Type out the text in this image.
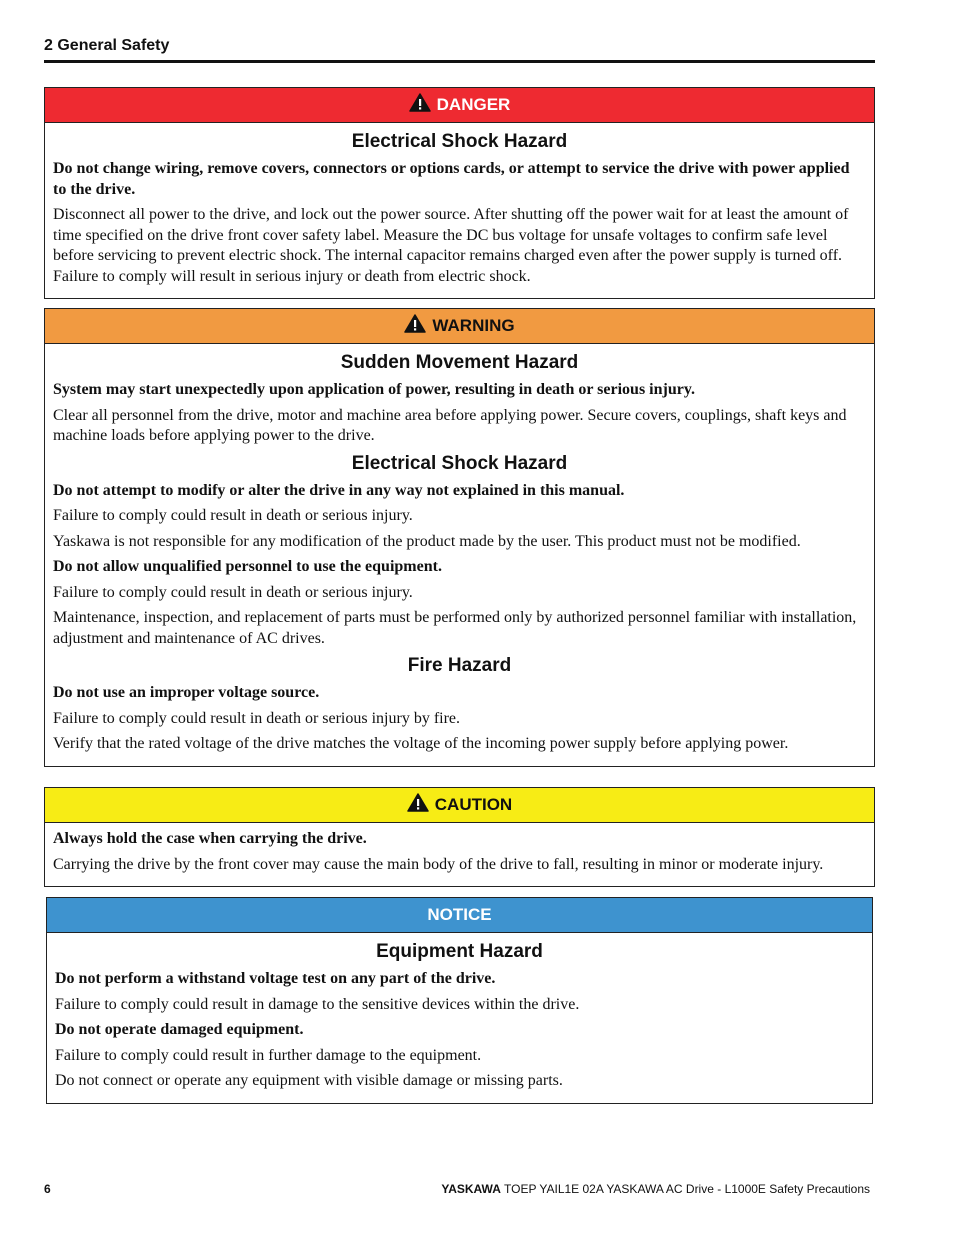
2 General Safety
DANGER
Electrical Shock Hazard

Do not change wiring, remove covers, connectors or options cards, or attempt to service the drive with power applied to the drive.

Disconnect all power to the drive, and lock out the power source. After shutting off the power wait for at least the amount of time specified on the drive front cover safety label. Measure the DC bus voltage for unsafe voltages to confirm safe level before servicing to prevent electric shock. The internal capacitor remains charged even after the power supply is turned off. Failure to comply will result in serious injury or death from electric shock.

WARNING
Sudden Movement Hazard

System may start unexpectedly upon application of power, resulting in death or serious injury.

Clear all personnel from the drive, motor and machine area before applying power. Secure covers, couplings, shaft keys and machine loads before applying power to the drive.

Electrical Shock Hazard

Do not attempt to modify or alter the drive in any way not explained in this manual.

Failure to comply could result in death or serious injury.

Yaskawa is not responsible for any modification of the product made by the user. This product must not be modified.

Do not allow unqualified personnel to use the equipment.

Failure to comply could result in death or serious injury.

Maintenance, inspection, and replacement of parts must be performed only by authorized personnel familiar with installation, adjustment and maintenance of AC drives.

Fire Hazard

Do not use an improper voltage source.

Failure to comply could result in death or serious injury by fire.

Verify that the rated voltage of the drive matches the voltage of the incoming power supply before applying power.

CAUTION

Always hold the case when carrying the drive.

Carrying the drive by the front cover may cause the main body of the drive to fall, resulting in minor or moderate injury.

NOTICE
Equipment Hazard

Do not perform a withstand voltage test on any part of the drive.

Failure to comply could result in damage to the sensitive devices within the drive.

Do not operate damaged equipment.

Failure to comply could result in further damage to the equipment.

Do not connect or operate any equipment with visible damage or missing parts.

6	YASKAWA TOEP YAIL1E 02A YASKAWA AC Drive - L1000E Safety Precautions
